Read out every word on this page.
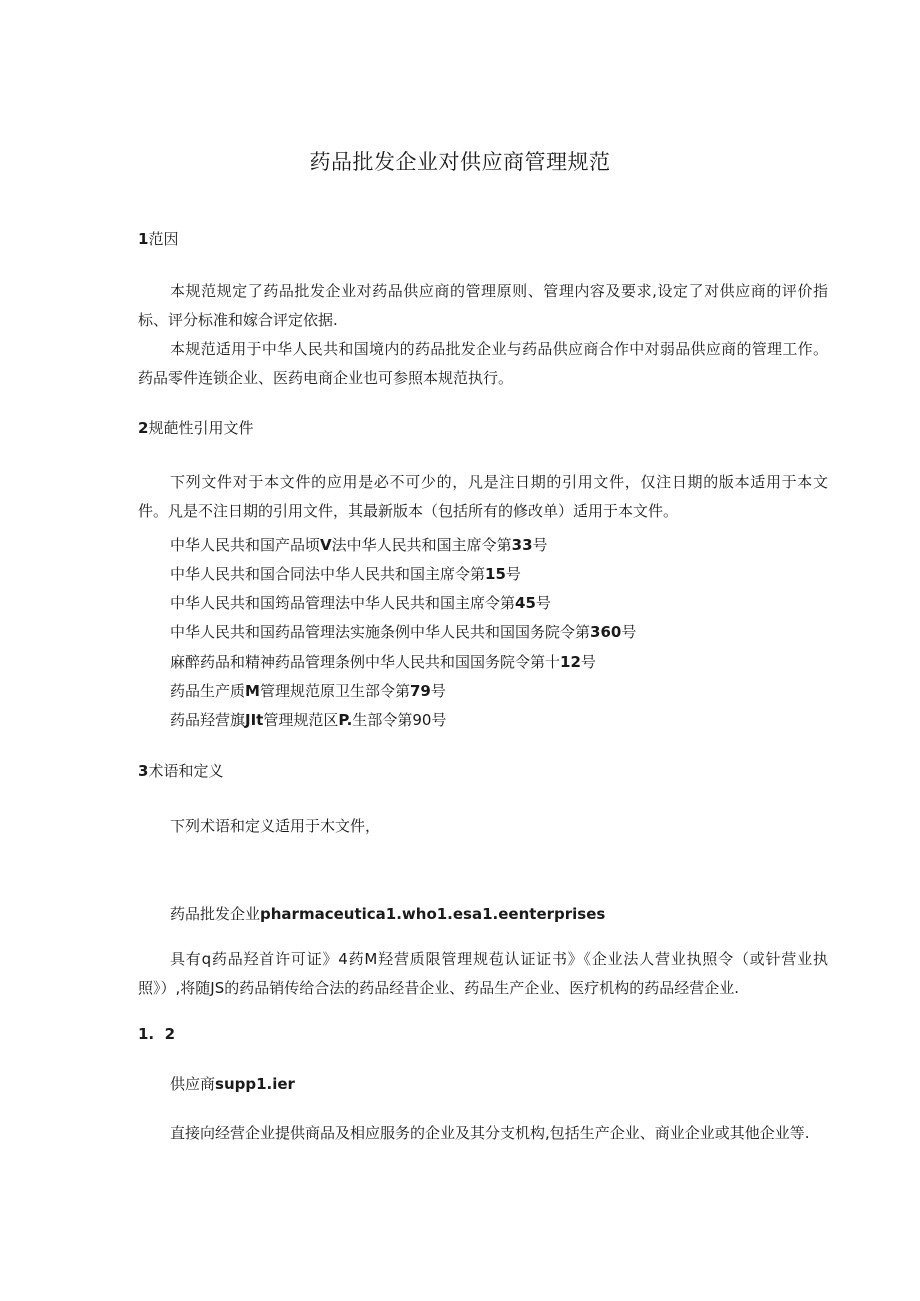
药品批发企业对供应商管理规范
1范因

本规范规定了药品批发企业对药品供应商的管理原则、管理内容及要求,设定了对供应商的评价指标、评分标准和嫁合评定依据.

本规范适用于中华人民共和国境内的药品批发企业与药品供应商合作中对弱品供应商的管理工作。药品零件连锁企业、医药电商企业也可参照本规范执行。

2规葩性引用文件

下列文件对于本文件的应用是必不可少的，凡是注日期的引用文件，仅注日期的版本适用于本文件。凡是不注日期的引用文件，其最新版本（包括所有的修改单）适用于本文件。

中华人民共和国产品顷V法中华人民共和国主席令第33号
中华人民共和国合同法中华人民共和国主席令第15号
中华人民共和国筠品管理法中华人民共和国主席令第45号
中华人民共和国药品管理法实施条例中华人民共和国国务院令第360号
麻醉药品和精神药品管理条例中华人民共和国国务院令第十12号
药品生产质M管理规范原卫生部令第79号
药品羟营旗JIt管理规范区P.生部令第90号
3术语和定义
下列术语和定义适用于木文件，
药品批发企业pharmaceutica1.who1.esa1.eenterprises

具有q药品羟首许可证》4药M羟营质限管理规苞认证证书》《企业法人营业执照令（或针营业执照》）,将随JS的药品销传给合法的药品经昔企业、药品生产企业、医疗机构的药品经营企业.

1.  2
供应商supp1.ier
直接向经营企业提供商品及相应服务的企业及其分支机构,包括生产企业、商业企业或其他企业等.
